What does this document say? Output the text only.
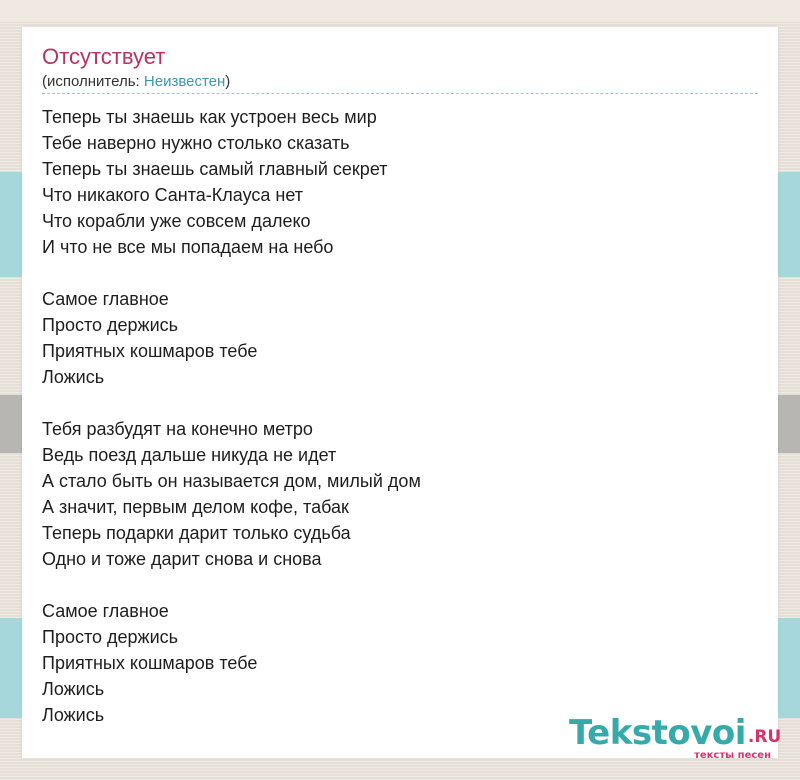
Отсутствует
(исполнитель: Неизвестен)
Теперь ты знаешь как устроен весь мир
Тебе наверно нужно столько сказать
Теперь ты знаешь самый главный секрет
Что никакого Санта-Клауса нет
Что корабли уже совсем далеко
И что не все мы попадаем на небо
Самое главное
Просто держись
Приятных кошмаров тебе
Ложись
Тебя разбудят на конечно метро
Ведь поезд дальше никуда не идет
А стало быть он называется дом, милый дом
А значит, первым делом кофе, табак
Теперь подарки дарит только судьба
Одно и тоже дарит снова и снова
Самое главное
Просто держись
Приятных кошмаров тебе
Ложись
Ложись	Tekstovoi .RU
тексты песен
